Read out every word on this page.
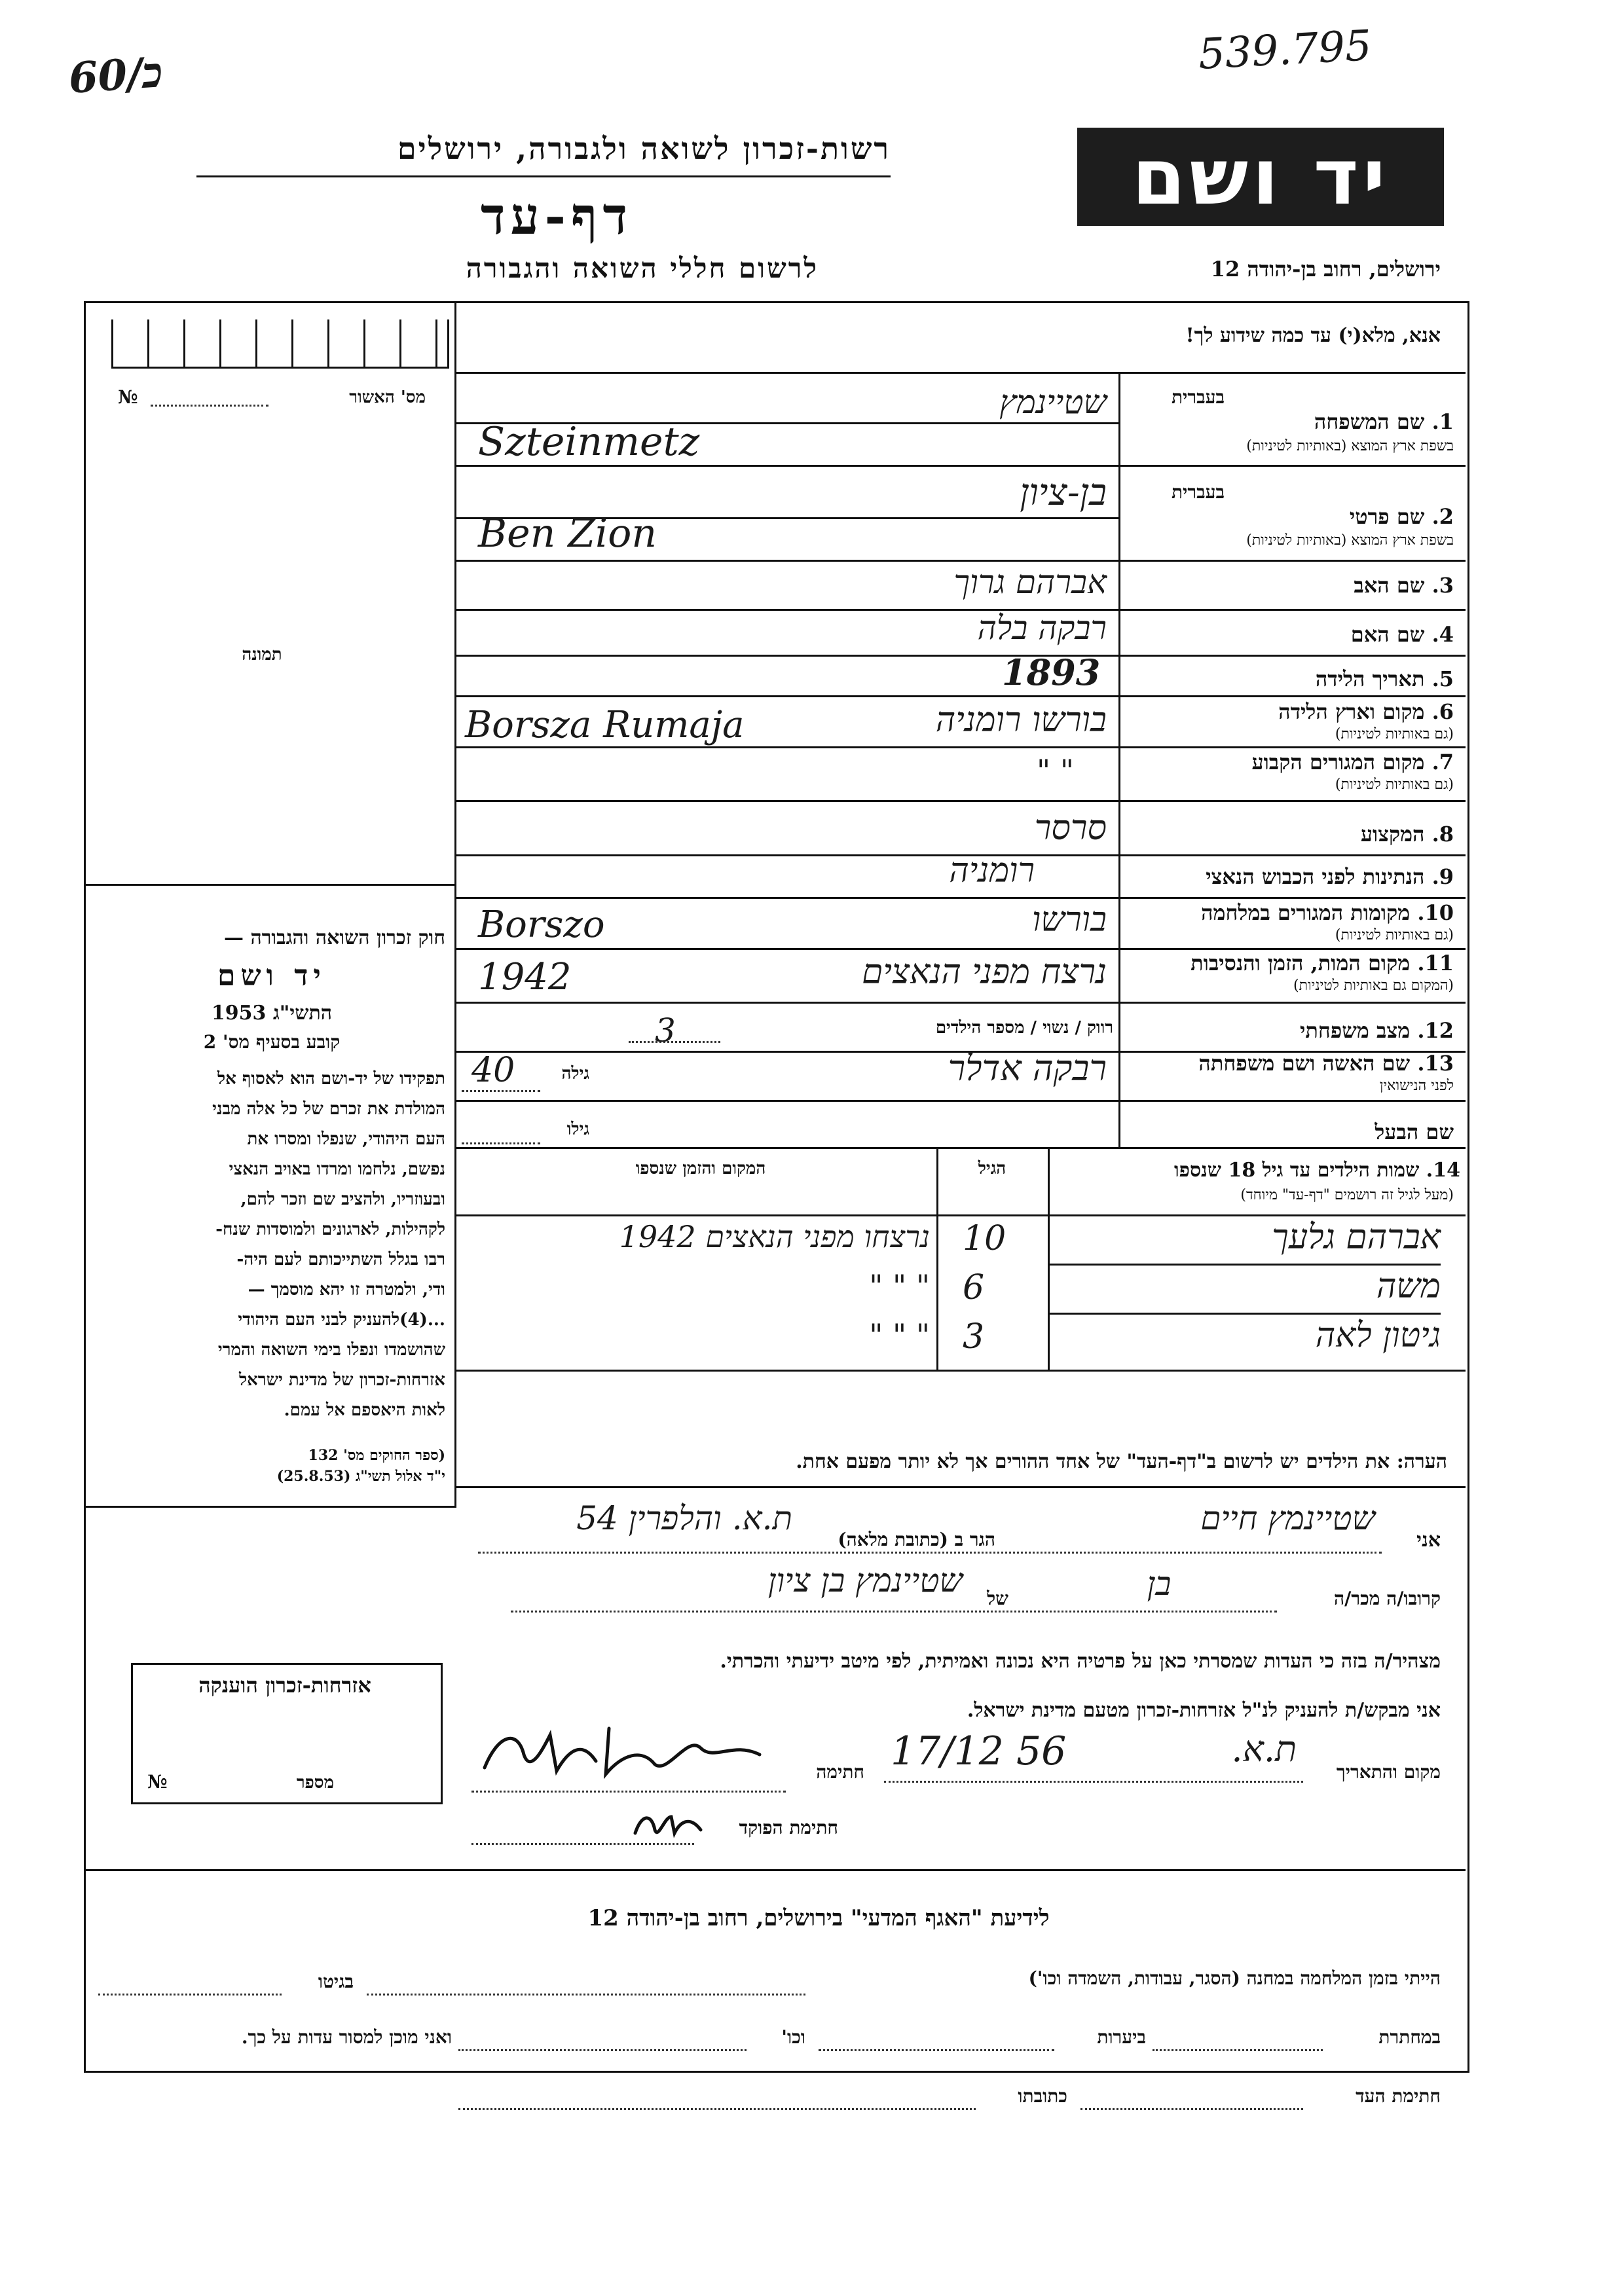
60/כ	539.795
רשות-זכרון לשואה ולגבורה, ירושלים
דף-עד
לרשום חללי השואה והגבורה
יד ושם
ירושלים, רחוב בן-יהודה 12
אנא, מלא(י) עד כמה שידוע לך!
מס' האשור
№
תמונה
בעברית
1. שם המשפחה
בשפת ארץ המוצא (באותיות לטיניות)
שטיינמץ
Szteinmetz
בעברית
2. שם פרטי
בשפת ארץ המוצא (באותיות לטיניות)
בן-ציון
Ben Zion
3. שם האב
אברהם גרוך
4. שם האם
רבקה בלה
5. תאריך הלידה
1893
6. מקום וארץ הלידה
(גם באותיות לטיניות)
בורשו רומניה
Borsza Rumaja
7. מקום המגורים הקבוע
(גם באותיות לטיניות)
" "
8. המקצוע
סרסר
9. הנתינות לפני הכבוש הנאצי
רומניה
10. מקומות המגורים במלחמה
(גם באותיות לטיניות)
בורשו
Borszo
11. מקום המות, הזמן והנסיבות
(המקום גם באותיות לטיניות)
נרצח מפני הנאצים
1942
12. מצב משפחתי
רווק / נשוי / מספר הילדים
3
13. שם האשה ושם משפחתה
לפני הנישואין
רבקה אדלר
גילה
40
שם הבעל
גילו
14. שמות הילדים עד גיל 18 שנספו
(מעל לגיל זה רושמים "דף-עד" מיוחד)
הגיל
המקום והזמן שנספו
אברהם גלעך
10
נרצחו מפני הנאצים 1942
משה
6
" " "
גיטון לאה
3
" " "
הערה: את הילדים יש לרשום ב"דף-העד" של אחד ההורים אך לא יותר מפעם אחת.
חוק זכרון השואה והגבורה —
יד ושם
התשי"ג 1953
קובע בסעיף מס' 2
תפקידו של יד-ושם הוא לאסוף אל
המולדת את זכרם של כל אלה מבני
העם היהודי, שנפלו ומסרו את
נפשם, נלחמו ומרדו באויב הנאצי
ובעוזריו, ולהציב שם וזכר להם,
לקהילות, לארגונים ולמוסדות שנח-
רבו בגלל השתייכותם לעם היה-
ודי, ולמטרה זו יהא מוסמך —
...(4)להעניק לבני העם היהודי
שהושמדו ונפלו בימי השואה והמרי
אזרחות-זכרון של מדינת ישראל
לאות היאספם אל עמם.
(ספר החוקים מס' 132
י"ד אלול תשי"ג (25.8.53)
אזרחות-זכרון הוענקה
מספר
№
אני
שטיינמץ חיים
הגר ב (כתובת מלאה)
ת.א. והלפרין 54
קרובו/ה מכר/ה
בן
של
שטיינמץ בן ציון
מצהיר/ה בזה כי העדות שמסרתי כאן על פרטיה היא נכונה ואמיתית, לפי מיטב ידיעתי והכרתי.
אני מבקש/ת להעניק לנ"ל אזרחות-זכרון מטעם מדינת ישראל.
מקום והתאריך
ת.א.
17/12 56
חתימה
חתימת הפוקד
לידיעת "האגף המדעי" בירושלים, רחוב בן-יהודה 12
הייתי בזמן המלחמה במחנה (הסגר, עבודות, השמדה וכו')
בגיטו
במחתרת
ביערות
וכו'
ואני מוכן למסור עדות על כך.
חתימת העד
כתובתו
